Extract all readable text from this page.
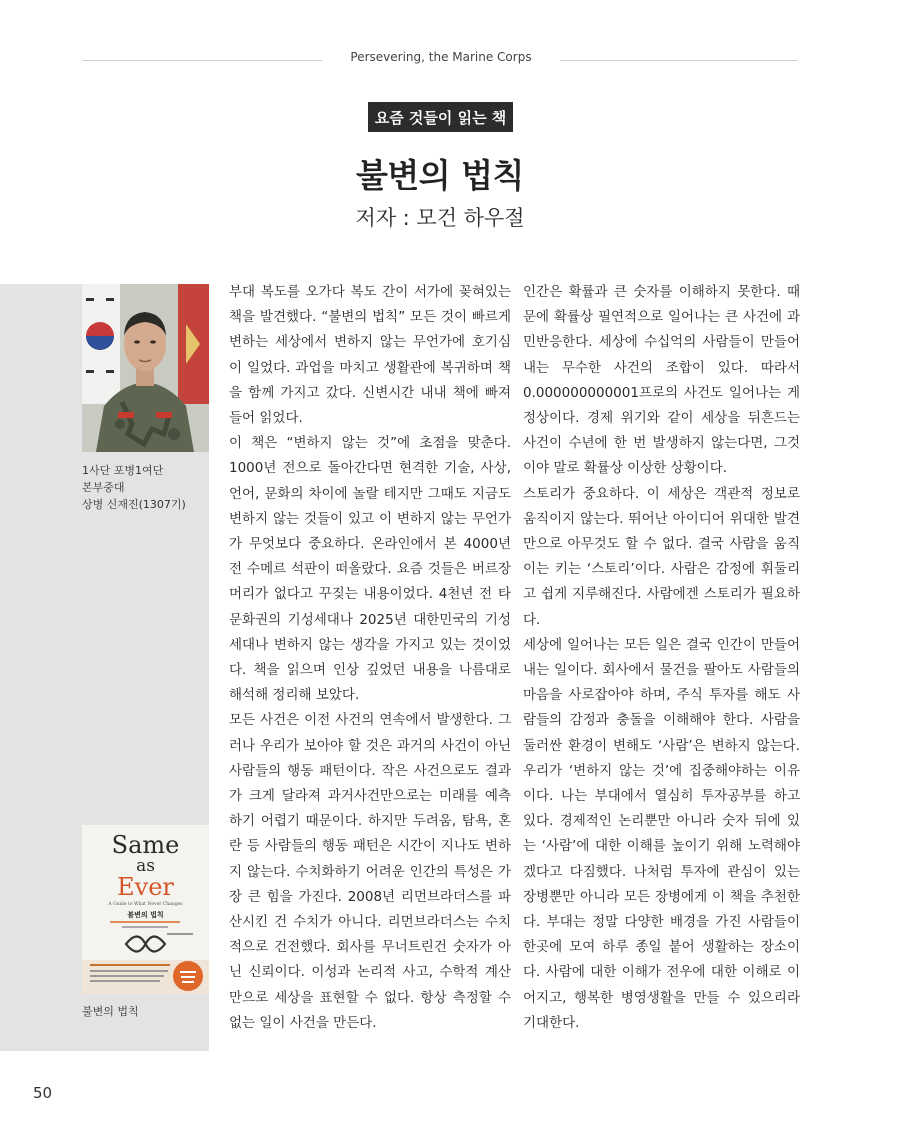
Persevering, the Marine Corps
요즘 것들이 읽는 책
불변의 법칙
저자 : 모건 하우절
1사단 포병1여단
본부중대
상병 신재진(1307기)
Same
as
Ever
A Guide to What Never Changes
불변의 법칙
불변의 법칙

부대 복도를 오가다 복도 간이 서가에 꽂혀있는 책을 발견했다. “불변의 법칙” 모든 것이 빠르게 변하는 세상에서 변하지 않는 무언가에 호기심이 일었다. 과업을 마치고 생활관에 복귀하며 책을 함께 가지고 갔다. 신변시간 내내 책에 빠져들어 읽었다.

이 책은 “변하지 않는 것”에 초점을 맞춘다. 1000년 전으로 돌아간다면 현격한 기술, 사상, 언어, 문화의 차이에 놀랄 테지만 그때도 지금도 변하지 않는 것들이 있고 이 변하지 않는 무언가가 무엇보다 중요하다. 온라인에서 본 4000년 전 수메르 석판이 떠올랐다. 요즘 것들은 버르장머리가 없다고 꾸짖는 내용이었다. 4천년 전 타 문화권의 기성세대나 2025년 대한민국의 기성세대나 변하지 않는 생각을 가지고 있는 것이었다. 책을 읽으며 인상 깊었던 내용을 나름대로 해석해 정리해 보았다.

모든 사건은 이전 사건의 연속에서 발생한다. 그러나 우리가 보아야 할 것은 과거의 사건이 아닌 사람들의 행동 패턴이다. 작은 사건으로도 결과가 크게 달라져 과거사건만으로는 미래를 예측하기 어렵기 때문이다. 하지만 두려움, 탐욕, 혼란 등 사람들의 행동 패턴은 시간이 지나도 변하지 않는다. 수치화하기 어려운 인간의 특성은 가장 큰 힘을 가진다. 2008년 리먼브라더스를 파산시킨 건 수치가 아니다. 리먼브라더스는 수치적으로 건전했다. 회사를 무너트린건 숫자가 아닌 신뢰이다. 이성과 논리적 사고, 수학적 계산만으로 세상을 표현할 수 없다. 항상 측정할 수 없는 일이 사건을 만든다.

인간은 확률과 큰 숫자를 이해하지 못한다. 때문에 확률상 필연적으로 일어나는 큰 사건에 과민반응한다. 세상에 수십억의 사람들이 만들어 내는 무수한 사건의 조합이 있다. 따라서 0.000000000001프로의 사건도 일어나는 게 정상이다. 경제 위기와 같이 세상을 뒤흔드는 사건이 수년에 한 번 발생하지 않는다면, 그것이야 말로 확률상 이상한 상황이다.

스토리가 중요하다. 이 세상은 객관적 정보로 움직이지 않는다. 뛰어난 아이디어 위대한 발견만으로 아무것도 할 수 없다. 결국 사람을 움직이는 키는 ‘스토리’이다. 사람은 감정에 휘둘리고 쉽게 지루해진다. 사람에겐 스토리가 필요하다.

세상에 일어나는 모든 일은 결국 인간이 만들어 내는 일이다. 회사에서 물건을 팔아도 사람들의 마음을 사로잡아야 하며, 주식 투자를 해도 사람들의 감정과 충돌을 이해해야 한다. 사람을 둘러싼 환경이 변해도 ‘사람’은 변하지 않는다. 우리가 ‘변하지 않는 것’에 집중해야하는 이유이다. 나는 부대에서 열심히 투자공부를 하고 있다. 경제적인 논리뿐만 아니라 숫자 뒤에 있는 ‘사람’에 대한 이해를 높이기 위해 노력해야겠다고 다짐했다. 나처럼 투자에 관심이 있는 장병뿐만 아니라 모든 장병에게 이 책을 추천한다. 부대는 정말 다양한 배경을 가진 사람들이 한곳에 모여 하루 종일 붙어 생활하는 장소이다. 사람에 대한 이해가 전우에 대한 이해로 이어지고, 행복한 병영생활을 만들 수 있으리라 기대한다.

50
